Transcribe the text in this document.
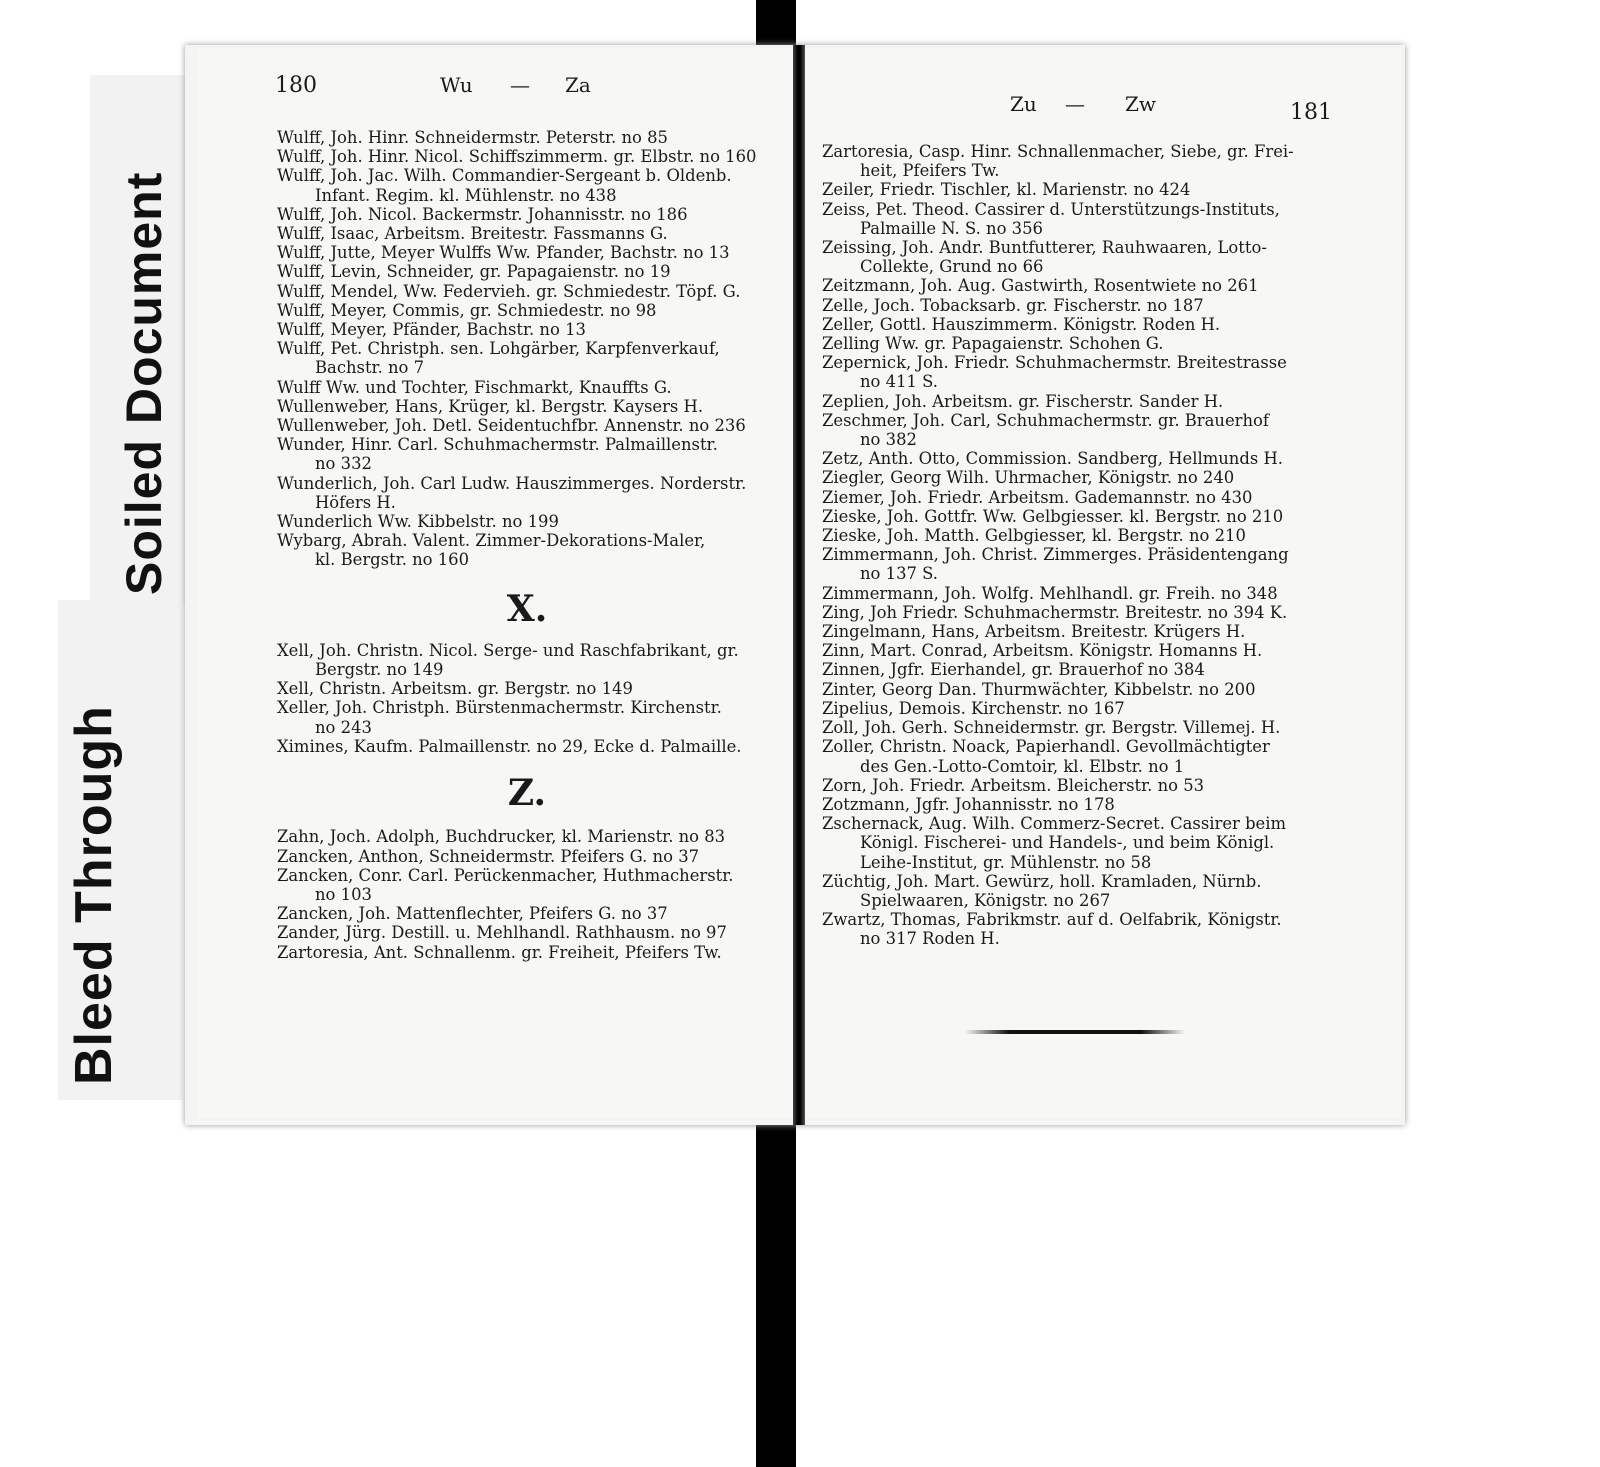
Soiled Document
Bleed Through
180	Wu — Za
Zu — Zw	181
Wulff, Joh. Hinr. Schneidermstr. Peterstr. no 85
Wulff, Joh. Hinr. Nicol. Schiffszimmerm. gr. Elbstr. no 160
Wulff, Joh. Jac. Wilh. Commandier-Sergeant b. Oldenb.
Infant. Regim. kl. Mühlenstr. no 438
Wulff, Joh. Nicol. Backermstr. Johannisstr. no 186
Wulff, Isaac, Arbeitsm. Breitestr. Fassmanns G.
Wulff, Jutte, Meyer Wulffs Ww. Pfander, Bachstr. no 13
Wulff, Levin, Schneider, gr. Papagaienstr. no 19
Wulff, Mendel, Ww. Federvieh. gr. Schmiedestr. Töpf. G.
Wulff, Meyer, Commis, gr. Schmiedestr. no 98
Wulff, Meyer, Pfänder, Bachstr. no 13
Wulff, Pet. Christph. sen. Lohgärber, Karpfenverkauf,
Bachstr. no 7
Wulff Ww. und Tochter, Fischmarkt, Knauffts G.
Wullenweber, Hans, Krüger, kl. Bergstr. Kaysers H.
Wullenweber, Joh. Detl. Seidentuchfbr. Annenstr. no 236
Wunder, Hinr. Carl. Schuhmachermstr. Palmaillenstr.
no 332
Wunderlich, Joh. Carl Ludw. Hauszimmerges. Norderstr.
Höfers H.
Wunderlich Ww. Kibbelstr. no 199
Wybarg, Abrah. Valent. Zimmer-Dekorations-Maler,
kl. Bergstr. no 160
X.
Xell, Joh. Christn. Nicol. Serge- und Raschfabrikant, gr.
Bergstr. no 149
Xell, Christn. Arbeitsm. gr. Bergstr. no 149
Xeller, Joh. Christph. Bürstenmachermstr. Kirchenstr.
no 243
Ximines, Kaufm. Palmaillenstr. no 29, Ecke d. Palmaille.
Z.
Zahn, Joch. Adolph, Buchdrucker, kl. Marienstr. no 83
Zancken, Anthon, Schneidermstr. Pfeifers G. no 37
Zancken, Conr. Carl. Perückenmacher, Huthmacherstr.
no 103
Zancken, Joh. Mattenflechter, Pfeifers G. no 37
Zander, Jürg. Destill. u. Mehlhandl. Rathhausm. no 97
Zartoresia, Ant. Schnallenm. gr. Freiheit, Pfeifers Tw.
Zartoresia, Casp. Hinr. Schnallenmacher, Siebe, gr. Frei-
heit, Pfeifers Tw.
Zeiler, Friedr. Tischler, kl. Marienstr. no 424
Zeiss, Pet. Theod. Cassirer d. Unterstützungs-Instituts,
Palmaille N. S. no 356
Zeissing, Joh. Andr. Buntfutterer, Rauhwaaren, Lotto-
Collekte, Grund no 66
Zeitzmann, Joh. Aug. Gastwirth, Rosentwiete no 261
Zelle, Joch. Tobacksarb. gr. Fischerstr. no 187
Zeller, Gottl. Hauszimmerm. Königstr. Roden H.
Zelling Ww. gr. Papagaienstr. Schohen G.
Zepernick, Joh. Friedr. Schuhmachermstr. Breitestrasse
no 411 S.
Zeplien, Joh. Arbeitsm. gr. Fischerstr. Sander H.
Zeschmer, Joh. Carl, Schuhmachermstr. gr. Brauerhof
no 382
Zetz, Anth. Otto, Commission. Sandberg, Hellmunds H.
Ziegler, Georg Wilh. Uhrmacher, Königstr. no 240
Ziemer, Joh. Friedr. Arbeitsm. Gademannstr. no 430
Zieske, Joh. Gottfr. Ww. Gelbgiesser. kl. Bergstr. no 210
Zieske, Joh. Matth. Gelbgiesser, kl. Bergstr. no 210
Zimmermann, Joh. Christ. Zimmerges. Präsidentengang
no 137 S.
Zimmermann, Joh. Wolfg. Mehlhandl. gr. Freih. no 348
Zing, Joh Friedr. Schuhmachermstr. Breitestr. no 394 K.
Zingelmann, Hans, Arbeitsm. Breitestr. Krügers H.
Zinn, Mart. Conrad, Arbeitsm. Königstr. Homanns H.
Zinnen, Jgfr. Eierhandel, gr. Brauerhof no 384
Zinter, Georg Dan. Thurmwächter, Kibbelstr. no 200
Zipelius, Demois. Kirchenstr. no 167
Zoll, Joh. Gerh. Schneidermstr. gr. Bergstr. Villemej. H.
Zoller, Christn. Noack, Papierhandl. Gevollmächtigter
des Gen.-Lotto-Comtoir, kl. Elbstr. no 1
Zorn, Joh. Friedr. Arbeitsm. Bleicherstr. no 53
Zotzmann, Jgfr. Johannisstr. no 178
Zschernack, Aug. Wilh. Commerz-Secret. Cassirer beim
Königl. Fischerei- und Handels-, und beim Königl.
Leihe-Institut, gr. Mühlenstr. no 58
Züchtig, Joh. Mart. Gewürz, holl. Kramladen, Nürnb.
Spielwaaren, Königstr. no 267
Zwartz, Thomas, Fabrikmstr. auf d. Oelfabrik, Königstr.
no 317 Roden H.
